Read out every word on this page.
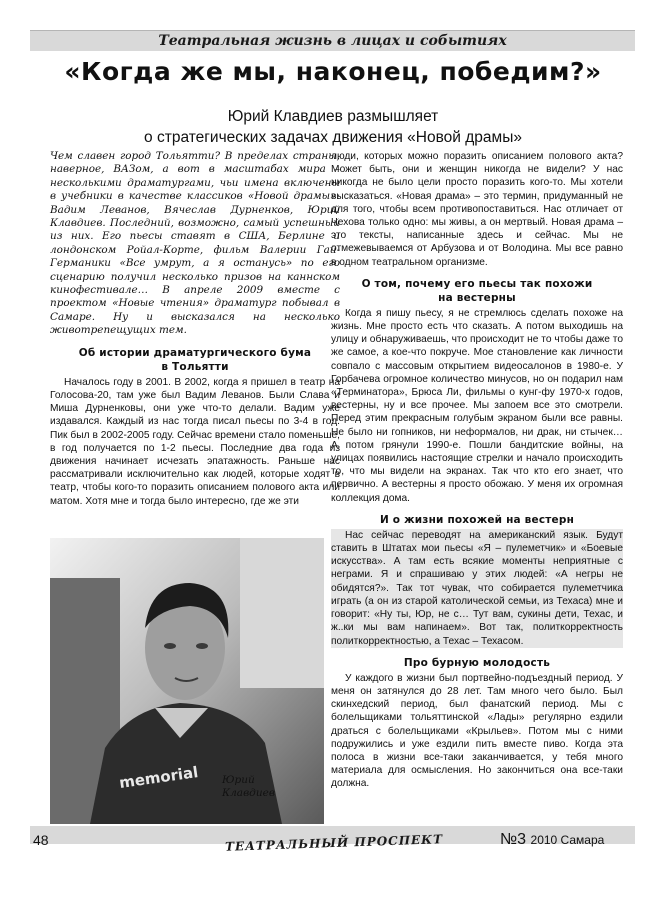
Театральная жизнь в лицах и событиях
«Когда же мы, наконец, победим?»
Юрий Клавдиев размышляет
о стратегических задачах движения «Новой драмы»

Чем славен город Тольятти? В пределах страны, наверное, ВАЗом, а вот в масштабах мира – несколькими драматургами, чьи имена включены в учебники в качестве классиков «Новой драмы»: Вадим Леванов, Вячеслав Дурненков, Юрий Клавдиев. Последний, возможно, самый успешный из них. Его пьесы ставят в США, Берлине и лондонском Ройал-Корте, фильм Валерии Гай-Германики «Все умрут, а я останусь» по его сценарию получил несколько призов на каннском кинофестивале… В апреле 2009 вместе с проектом «Новые чтения» драматург побывал в Самаре. Ну и высказался на несколько животрепещущих тем.

Об истории драматургического бума
в Тольятти

Началось году в 2001. В 2002, когда я пришел в театр на Голосова-20, там уже был Вадим Леванов. Были Слава и Миша Дурненковы, они уже что-то делали. Вадим уже издавался. Каждый из нас тогда писал пьесы по 3-4 в год. Пик был в 2002-2005 году. Сейчас времени стало поменьше, в год получается по 1-2 пьесы. Последние два года из движения начинает исчезать эпатажность. Раньше нас рассматривали исключительно как людей, которые ходят в театр, чтобы кого-то поразить описанием полового акта или матом. Хотя мне и тогда было интересно, где же эти

memorial Юрий
Клавдиев

люди, которых можно поразить описанием полового акта? Может быть, они и женщин никогда не видели? У нас никогда не было цели просто поразить кого-то. Мы хотели высказаться. «Новая драма» – это термин, придуманный не для того, чтобы всем противопоставиться. Нас отличает от Чехова только одно: мы живы, а он мертвый. Новая драма – это тексты, написанные здесь и сейчас. Мы не отмежевываемся от Арбузова и от Володина. Мы все равно в одном театральном организме.

О том, почему его пьесы так похожи
на вестерны

Когда я пишу пьесу, я не стремлюсь сделать похоже на жизнь. Мне просто есть что сказать. А потом выходишь на улицу и обнаруживаешь, что происходит не то чтобы даже то же самое, а кое-что покруче. Мое становление как личности совпало с массовым открытием видеосалонов в 1980-е. У Горбачева огромное количество минусов, но он подарил нам «Терминатора», Брюса Ли, фильмы о кунг-фу 1970-х годов, вестерны, ну и все прочее. Мы запоем все это смотрели. Перед этим прекрасным голубым экраном были все равны. Не было ни гопников, ни неформалов, ни драк, ни стычек… А потом грянули 1990-е. Пошли бандитские войны, на улицах появились настоящие стрелки и начало происходить то, что мы видели на экранах. Так что кто его знает, что первично. А вестерны я просто обожаю. У меня их огромная коллекция дома.

И о жизни похожей на вестерн

Нас сейчас переводят на американский язык. Будут ставить в Штатах мои пьесы «Я – пулеметчик» и «Боевые искусства». А там есть всякие моменты неприятные с неграми. Я и спрашиваю у этих людей: «А негры не обидятся?». Так тот чувак, что собирается пулеметчика играть (а он из старой католической семьи, из Техаса) мне и говорит: «Ну ты, Юр, не с… Тут вам, сукины дети, Техас, и ж..ки мы вам напинаем». Вот так, политкорректность политкорректностью, а Техас – Техасом.

Про бурную молодость

У каждого в жизни был портвейно-подъездный период. У меня он затянулся до 28 лет. Там много чего было. Был скинхедский период, был фанатский период. Мы с болельщиками тольяттинской «Лады» регулярно ездили драться с болельщиками «Крыльев». Потом мы с ними подружились и уже ездили пить вместе пиво. Когда эта полоса в жизни все-таки заканчивается, у тебя много материала для осмысления. Но закончиться она все-таки должна.

48	ТЕАТРАЛЬНЫЙ ПРОСПЕКТ	№3 2010 Самара
